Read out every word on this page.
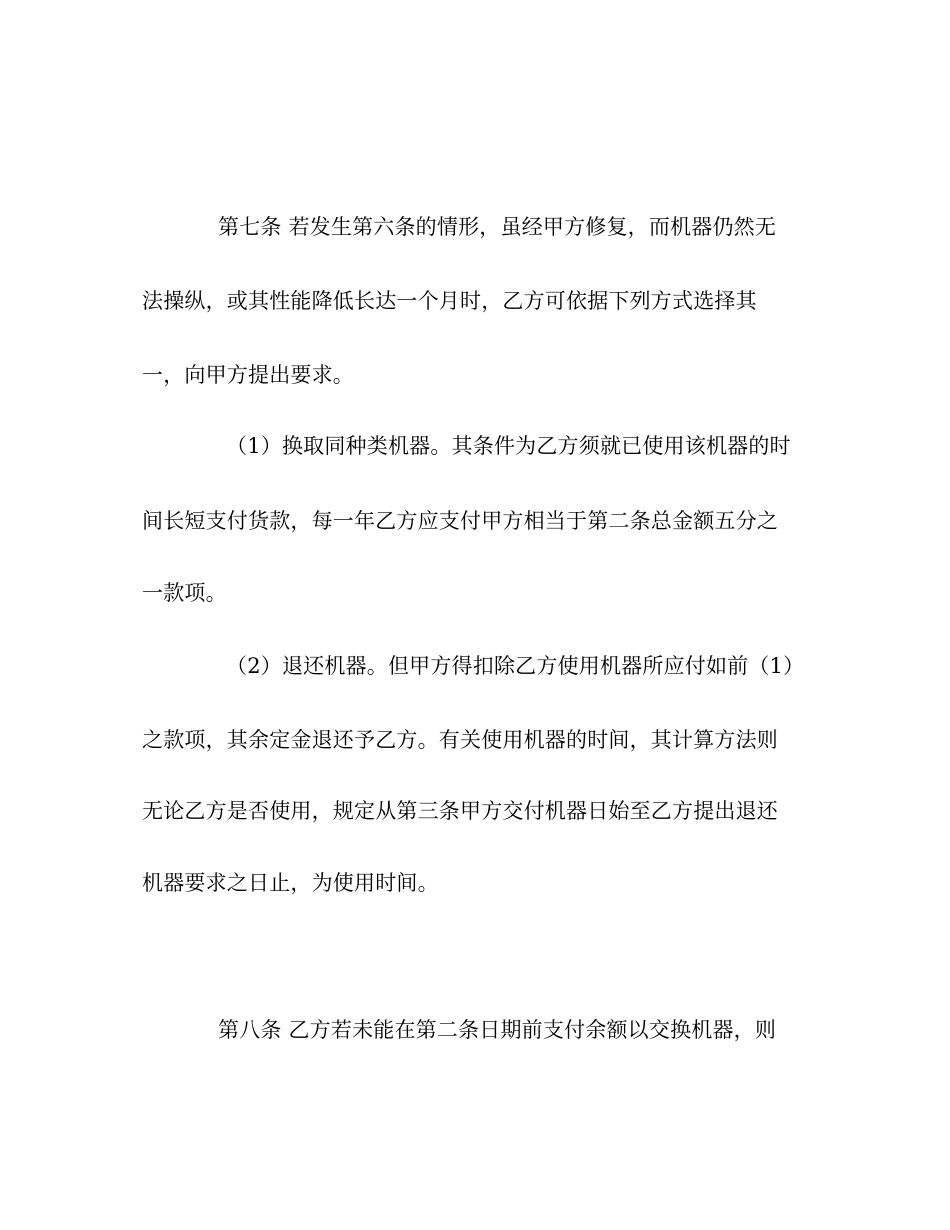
第七条 若发生第六条的情形，虽经甲方修复，而机器仍然无
法操纵，或其性能降低长达一个月时，乙方可依据下列方式选择其
一，向甲方提出要求。
（1）换取同种类机器。其条件为乙方须就已使用该机器的时
间长短支付货款，每一年乙方应支付甲方相当于第二条总金额五分之
一款项。
（2）退还机器。但甲方得扣除乙方使用机器所应付如前（1）
之款项，其余定金退还予乙方。有关使用机器的时间，其计算方法则
无论乙方是否使用，规定从第三条甲方交付机器日始至乙方提出退还
机器要求之日止，为使用时间。
第八条 乙方若未能在第二条日期前支付余额以交换机器，则
